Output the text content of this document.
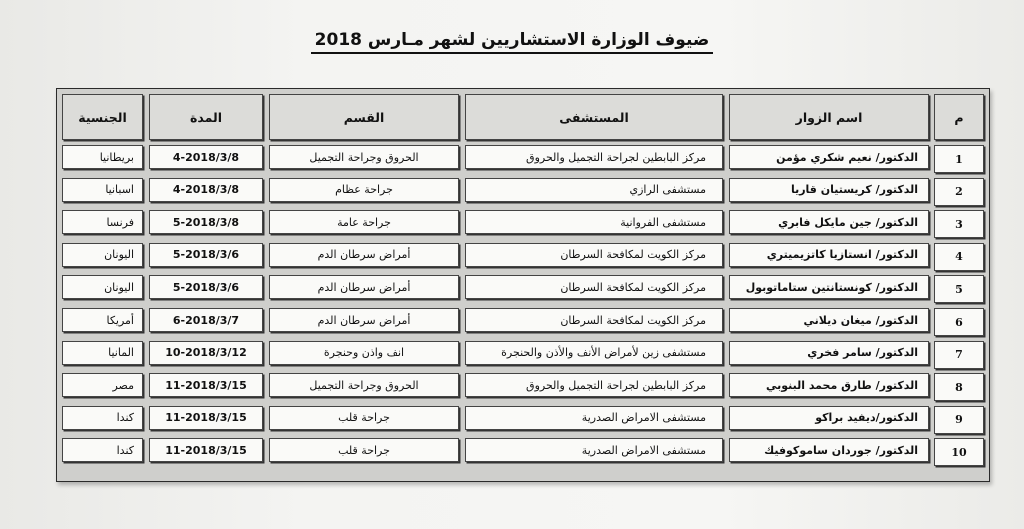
ضيوف الوزارة الاستشاريين لشهر مـارس 2018
م
اسم الزوار
المستشفى
القسم
المدة
الجنسية
1
الدكتور/ نعيم شكري مؤمن
مركز البابطين لجراحة التجميل والحروق
الحروق وجراحة التجميل
4-2018/3/8
بريطانيا
2
الدكتور/ كريستيان قاريا
مستشفى الرازي
جراحة عظام
4-2018/3/8
اسبانيا
3
الدكتور/ جين مايكل فابري
مستشفى الفروانية
جراحة عامة
5-2018/3/8
فرنسا
4
الدكتور/ انستازيا كاتزيميتري
مركز الكويت لمكافحة السرطان
أمراض سرطان الدم
5-2018/3/6
اليونان
5
الدكتور/ كونستانتين ستاماتوبول
مركز الكويت لمكافحة السرطان
أمراض سرطان الدم
5-2018/3/6
اليونان
6
الدكتور/ ميغان ديلاني
مركز الكويت لمكافحة السرطان
أمراض سرطان الدم
6-2018/3/7
أمريكا
7
الدكتور/ سامر فخري
مستشفى زين لأمراض الأنف والأذن والحنجرة
انف واذن وحنجرة
10-2018/3/12
المانيا
8
الدكتور/ طارق محمد البنوبي
مركز البابطين لجراحة التجميل والحروق
الحروق وجراحة التجميل
11-2018/3/15
مصر
9
الدكتور/ديفيد براكو
مستشفى الامراض الصدرية
جراحة قلب
11-2018/3/15
كندا
10
الدكتور/ جوردان ساموكوفيك
مستشفى الامراض الصدرية
جراحة قلب
11-2018/3/15
كندا
